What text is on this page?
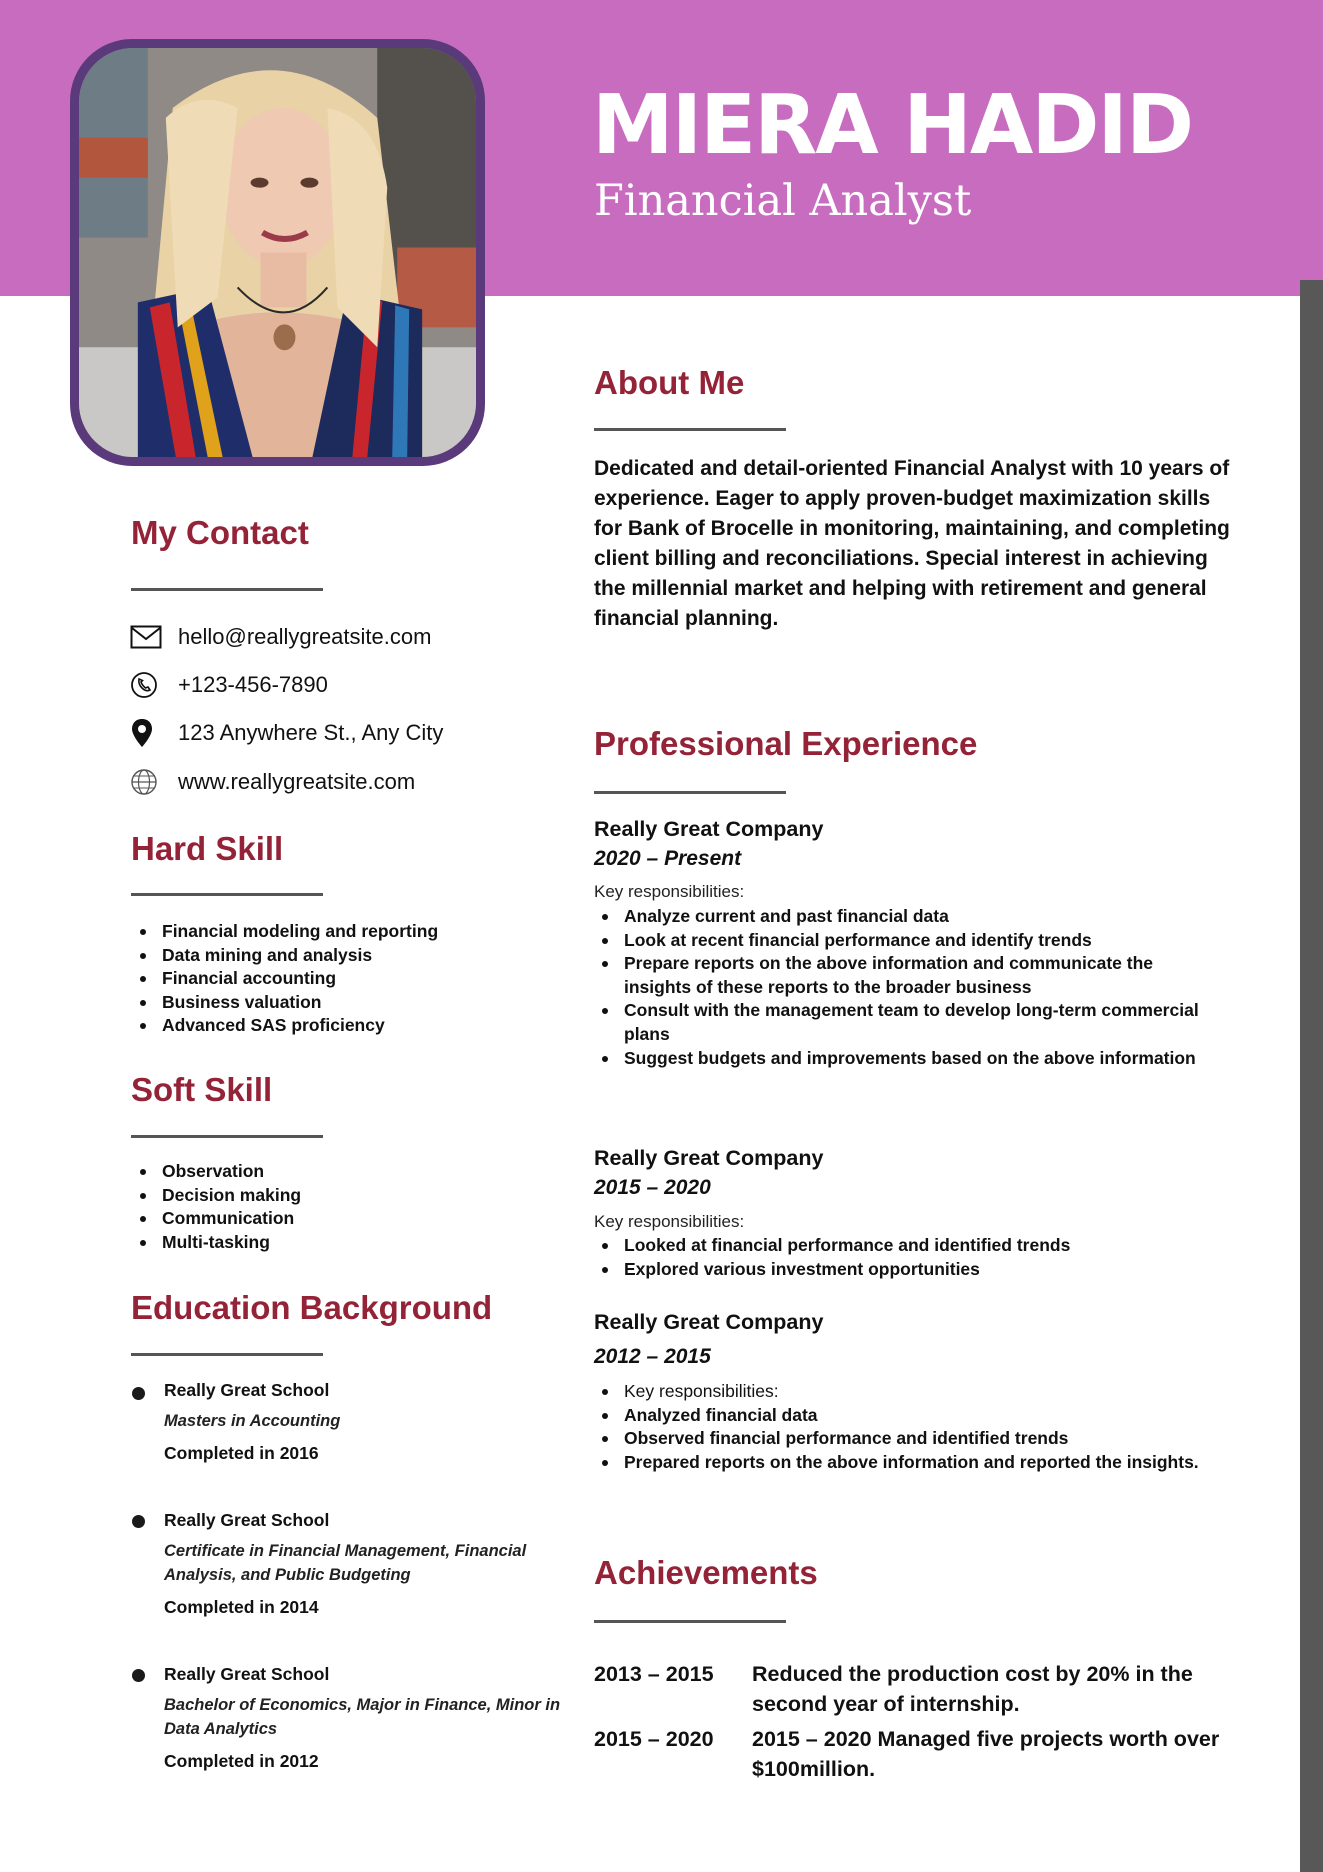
MIERA HADID
Financial Analyst
My Contact
hello@reallygreatsite.com
+123-456-7890
123 Anywhere St., Any City
www.reallygreatsite.com
Hard Skill
Financial modeling and reporting
Data mining and analysis
Financial accounting
Business valuation
Advanced SAS proficiency
Soft Skill
Observation
Decision making
Communication
Multi-tasking
Education Background
Really Great School
Masters in Accounting
Completed in 2016
Really Great School
Certificate in Financial Management, Financial Analysis, and Public Budgeting
Completed in 2014
Really Great School
Bachelor of Economics, Major in Finance, Minor in Data Analytics
Completed in 2012
About Me
Dedicated and detail-oriented Financial Analyst with 10 years of experience. Eager to apply proven-budget maximization skills for Bank of Brocelle in monitoring, maintaining, and completing client billing and reconciliations. Special interest in achieving the millennial market and helping with retirement and general financial planning.
Professional Experience
Really Great Company
2020 – Present
Key responsibilities:
Analyze current and past financial data
Look at recent financial performance and identify trends
Prepare reports on the above information and communicate the insights of these reports to the broader business
Consult with the management team to develop long-term commercial plans
Suggest budgets and improvements based on the above information
Really Great Company
2015 – 2020
Key responsibilities:
Looked at financial performance and identified trends
Explored various investment opportunities
Really Great Company
2012 – 2015
Key responsibilities:
Analyzed financial data
Observed financial performance and identified trends
Prepared reports on the above information and reported the insights.
Achievements
2013 – 2015	Reduced the production cost by 20% in the second year of internship.
2015 – 2020	2015 – 2020 Managed five projects worth over $100million.
